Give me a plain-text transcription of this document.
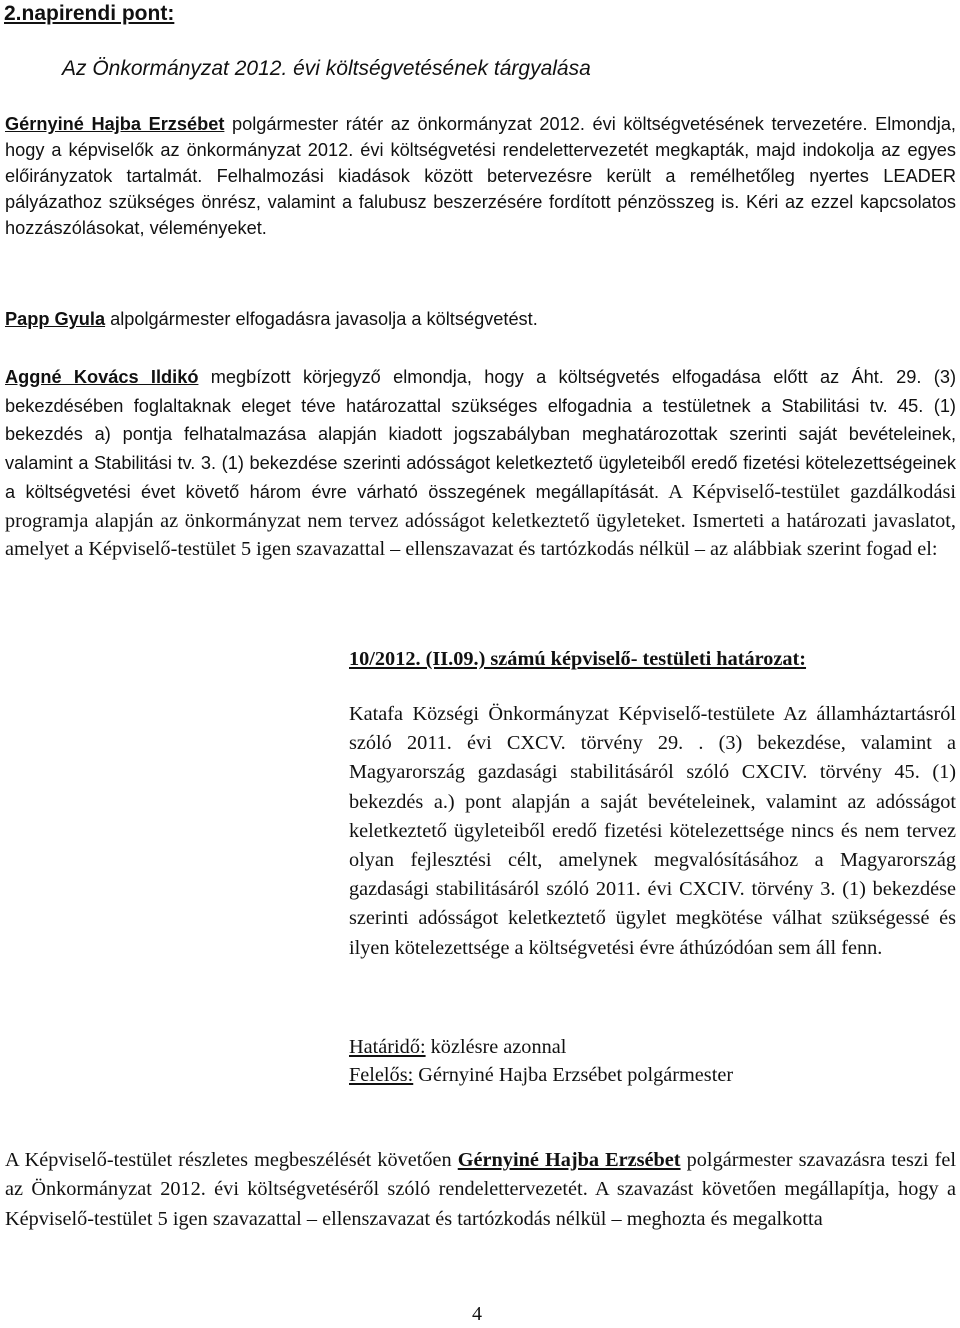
2.napirendi pont:

Az Önkormányzat 2012. évi költségvetésének tárgyalása

Gérnyiné Hajba Erzsébet polgármester rátér az önkormányzat 2012. évi költségvetésének tervezetére. Elmondja, hogy a képviselők az önkormányzat 2012. évi költségvetési rendelettervezetét megkapták, majd indokolja az egyes előirányzatok tartalmát. Felhalmozási kiadások között betervezésre került a remélhetőleg nyertes LEADER pályázathoz szükséges önrész, valamint a falubusz beszerzésére fordított pénzösszeg is. Kéri az ezzel kapcsolatos hozzászólásokat, véleményeket.

Papp Gyula alpolgármester elfogadásra javasolja a költségvetést.

Aggné Kovács Ildikó megbízott körjegyző elmondja, hogy a költségvetés elfogadása előtt az Áht. 29. (3) bekezdésében foglaltaknak eleget téve határozattal szükséges elfogadnia a testületnek a Stabilitási tv. 45. (1) bekezdés a) pontja felhatalmazása alapján kiadott jogszabályban meghatározottak szerinti saját bevételeinek, valamint a Stabilitási tv. 3. (1) bekezdése szerinti adósságot keletkeztető ügyleteiből eredő fizetési kötelezettségeinek a költségvetési évet követő három évre várható összegének megállapítását. A Képviselő-testület gazdálkodási programja alapján az önkormányzat nem tervez adósságot keletkeztető ügyleteket. Ismerteti a határozati javaslatot, amelyet a Képviselő-testület 5 igen szavazattal – ellenszavazat és tartózkodás nélkül – az alábbiak szerint fogad el:

10/2012. (II.09.) számú képviselő- testületi határozat:

Katafa Községi Önkormányzat Képviselő-testülete Az államháztartásról szóló 2011. évi CXCV. törvény 29. . (3) bekezdése, valamint a Magyarország gazdasági stabilitásáról szóló CXCIV. törvény 45. (1) bekezdés a.) pont alapján a saját bevételeinek, valamint az adósságot keletkeztető ügyleteiből eredő fizetési kötelezettsége nincs és nem tervez olyan fejlesztési célt, amelynek megvalósításához a Magyarország gazdasági stabilitásáról szóló 2011. évi CXCIV. törvény 3. (1) bekezdése szerinti adósságot keletkeztető ügylet megkötése válhat szükségessé és ilyen kötelezettsége a költségvetési évre áthúzódóan sem áll fenn.

Határidő: közlésre azonnal

Felelős: Gérnyiné Hajba Erzsébet polgármester

A Képviselő-testület részletes megbeszélését követően Gérnyiné Hajba Erzsébet polgármester szavazásra teszi fel az Önkormányzat 2012. évi költségvetéséről szóló rendelettervezetét. A szavazást követően megállapítja, hogy a Képviselő-testület 5 igen szavazattal – ellenszavazat és tartózkodás nélkül – meghozta és megalkotta

4
